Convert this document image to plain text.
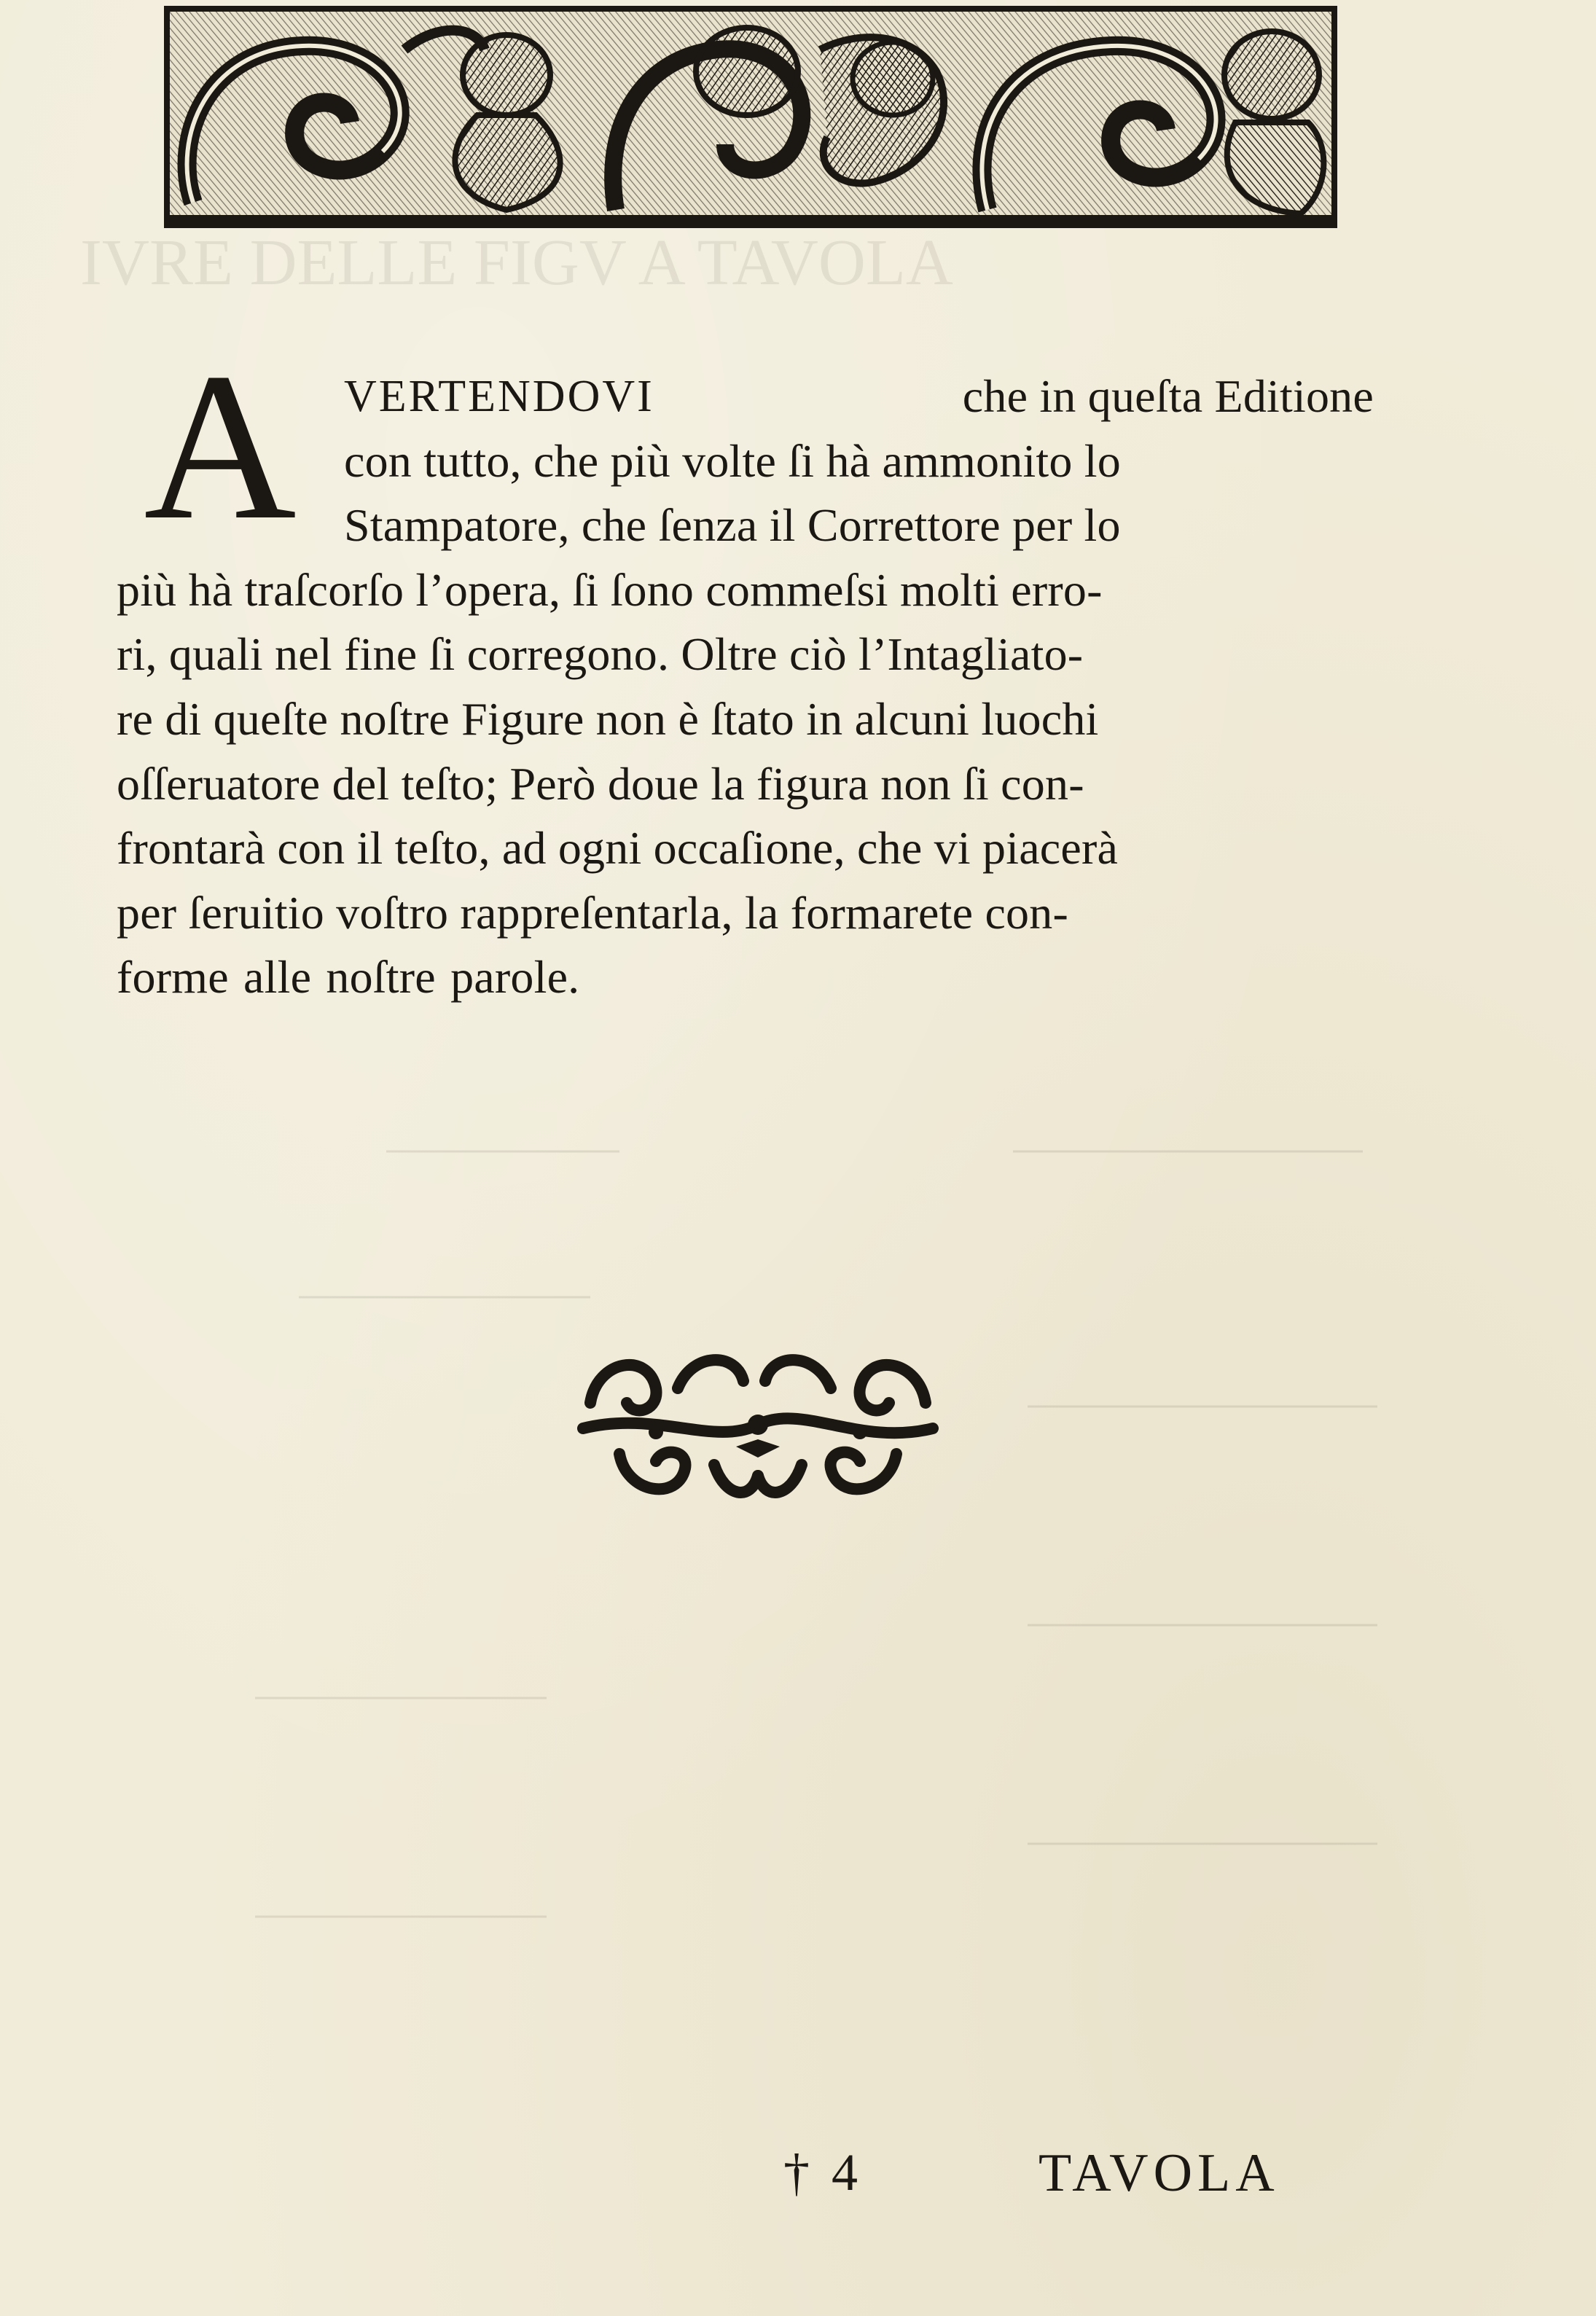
IVRE DELLE FIGV A TAVOLA
A VERTENDOVI	che in queſta Editione
con tutto, che più volte ſi hà ammonito lo
Stampatore, che ſenza il Correttore per lo
più hà traſcorſo l’opera, ſi ſono commeſsi molti erro-
ri, quali nel fine ſi corregono. Oltre ciò l’Intagliato-
re di queſte noſtre Figure non è ſtato in alcuni luochi
oſſeruatore del teſto; Però doue la figura non ſi con-
frontarà con il teſto, ad ogni occaſione, che vi piacerà
per ſeruitio voſtro rappreſentarla, la formarete con-
forme alle noſtre parole.
† 4	TAVOLA
